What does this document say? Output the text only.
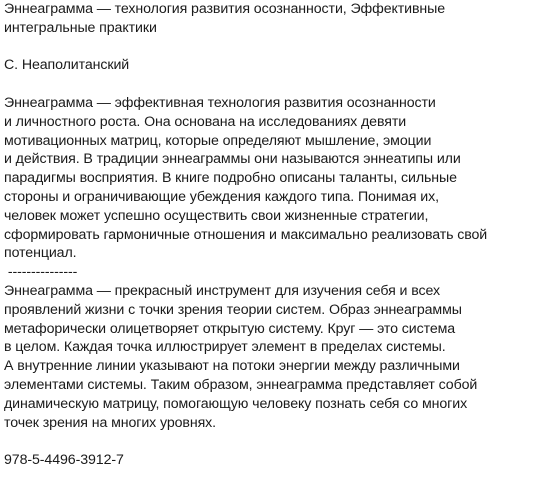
Эннеаграмма — технология развития осознанности, Эффективные
интегральные практики
С. Неаполитанский
Эннеаграмма — эффективная технология развития осознанности
и личностного роста. Она основана на исследованиях девяти
мотивационных матриц, которые определяют мышление, эмоции
и действия. В традиции эннеаграммы они называются эннеатипы или
парадигмы восприятия. В книге подробно описаны таланты, сильные
стороны и ограничивающие убеждения каждого типа. Понимая их,
человек может успешно осуществить свои жизненные стратегии,
сформировать гармоничные отношения и максимально реализовать свой
потенциал.
---------------
Эннеаграмма — прекрасный инструмент для изучения себя и всех
проявлений жизни с точки зрения теории систем. Образ эннеаграммы
метафорически олицетворяет открытую систему. Круг — это система
в целом. Каждая точка иллюстрирует элемент в пределах системы.
А внутренние линии указывают на потоки энергии между различными
элементами системы. Таким образом, эннеаграмма представляет собой
динамическую матрицу, помогающую человеку познать себя со многих
точек зрения на многих уровнях.
978-5-4496-3912-7
